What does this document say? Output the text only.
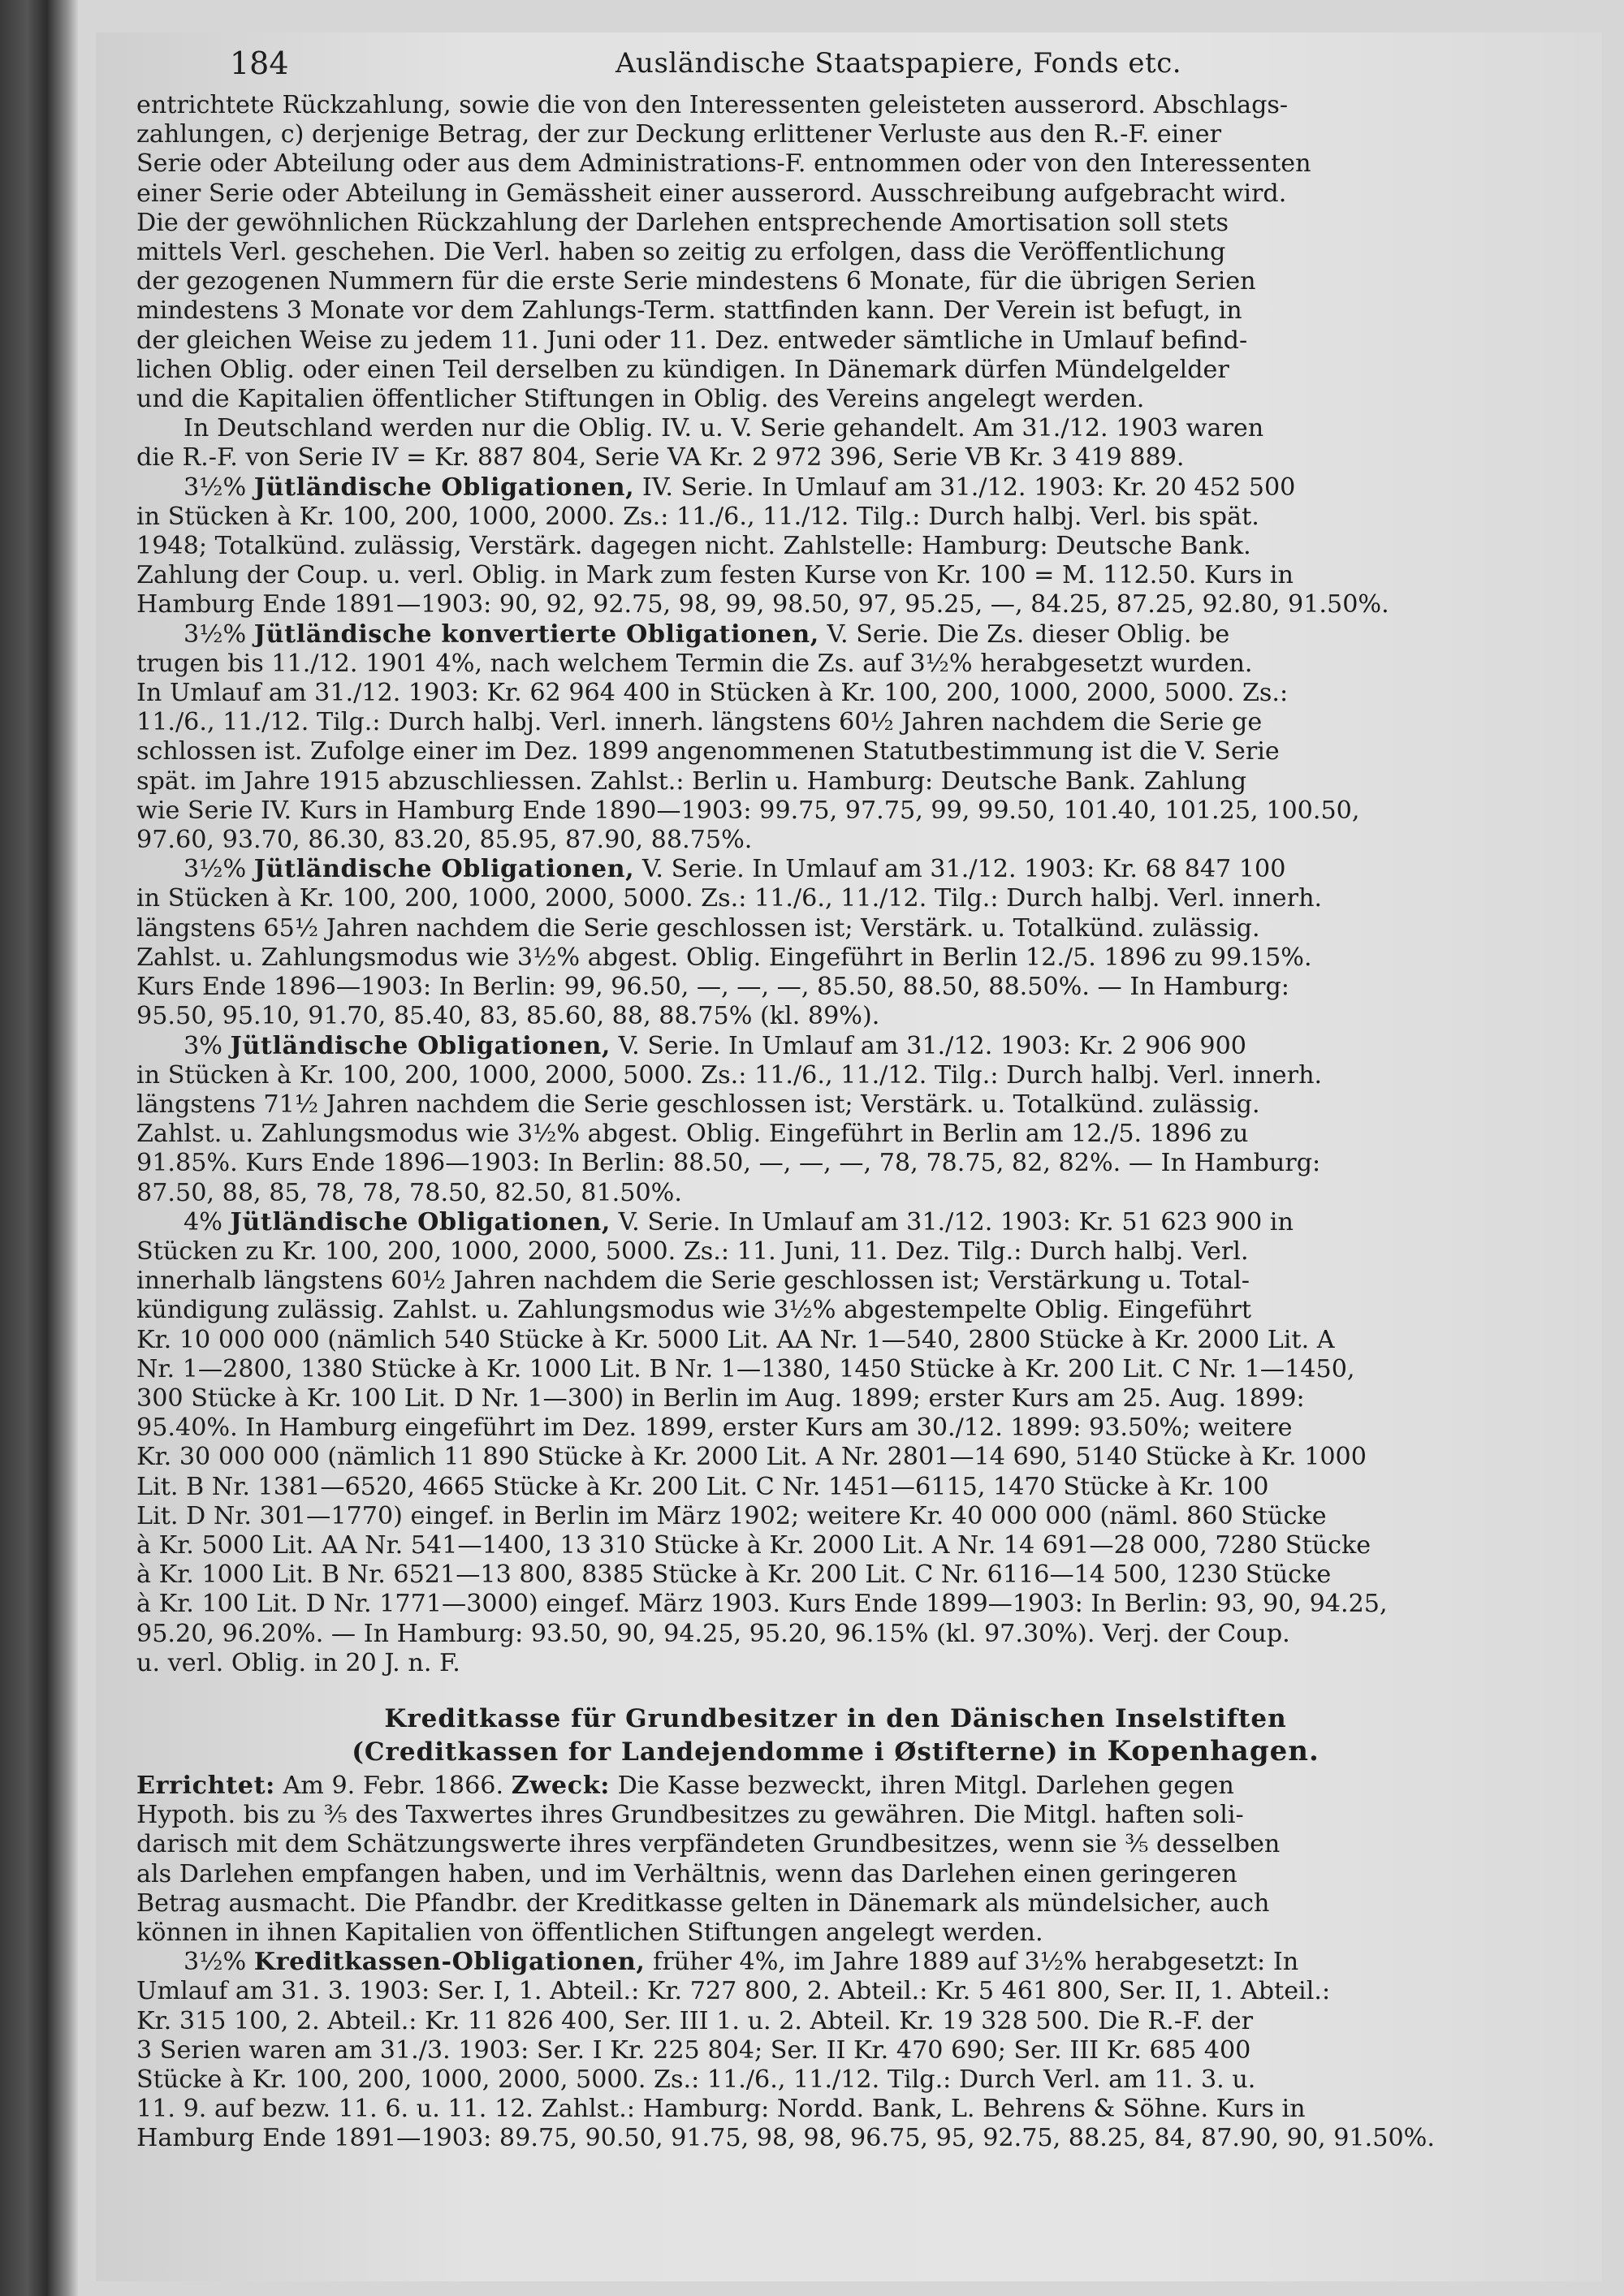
184	Ausländische Staatspapiere, Fonds etc.
entrichtete Rückzahlung, sowie die von den Interessenten geleisteten ausserord. Abschlags-
zahlungen, c) derjenige Betrag, der zur Deckung erlittener Verluste aus den R.-F. einer
Serie oder Abteilung oder aus dem Administrations-F. entnommen oder von den Interessenten
einer Serie oder Abteilung in Gemässheit einer ausserord. Ausschreibung aufgebracht wird.
Die der gewöhnlichen Rückzahlung der Darlehen entsprechende Amortisation soll stets
mittels Verl. geschehen. Die Verl. haben so zeitig zu erfolgen, dass die Veröffentlichung
der gezogenen Nummern für die erste Serie mindestens 6 Monate, für die übrigen Serien
mindestens 3 Monate vor dem Zahlungs-Term. stattfinden kann. Der Verein ist befugt, in
der gleichen Weise zu jedem 11. Juni oder 11. Dez. entweder sämtliche in Umlauf befind-
lichen Oblig. oder einen Teil derselben zu kündigen. In Dänemark dürfen Mündelgelder
und die Kapitalien öffentlicher Stiftungen in Oblig. des Vereins angelegt werden.
In Deutschland werden nur die Oblig. IV. u. V. Serie gehandelt. Am 31./12. 1903 waren
die R.-F. von Serie IV = Kr. 887 804, Serie VA Kr. 2 972 396, Serie VB Kr. 3 419 889.
3½% Jütländische Obligationen, IV. Serie. In Umlauf am 31./12. 1903: Kr. 20 452 500
in Stücken à Kr. 100, 200, 1000, 2000. Zs.: 11./6., 11./12. Tilg.: Durch halbj. Verl. bis spät.
1948; Totalkünd. zulässig, Verstärk. dagegen nicht. Zahlstelle: Hamburg: Deutsche Bank.
Zahlung der Coup. u. verl. Oblig. in Mark zum festen Kurse von Kr. 100 = M. 112.50. Kurs in
Hamburg Ende 1891—1903: 90, 92, 92.75, 98, 99, 98.50, 97, 95.25, —, 84.25, 87.25, 92.80, 91.50%.
3½% Jütländische konvertierte Obligationen, V. Serie. Die Zs. dieser Oblig. be
trugen bis 11./12. 1901 4%, nach welchem Termin die Zs. auf 3½% herabgesetzt wurden.
In Umlauf am 31./12. 1903: Kr. 62 964 400 in Stücken à Kr. 100, 200, 1000, 2000, 5000. Zs.:
11./6., 11./12. Tilg.: Durch halbj. Verl. innerh. längstens 60½ Jahren nachdem die Serie ge
schlossen ist. Zufolge einer im Dez. 1899 angenommenen Statutbestimmung ist die V. Serie
spät. im Jahre 1915 abzuschliessen. Zahlst.: Berlin u. Hamburg: Deutsche Bank. Zahlung
wie Serie IV. Kurs in Hamburg Ende 1890—1903: 99.75, 97.75, 99, 99.50, 101.40, 101.25, 100.50,
97.60, 93.70, 86.30, 83.20, 85.95, 87.90, 88.75%.
3½% Jütländische Obligationen, V. Serie. In Umlauf am 31./12. 1903: Kr. 68 847 100
in Stücken à Kr. 100, 200, 1000, 2000, 5000. Zs.: 11./6., 11./12. Tilg.: Durch halbj. Verl. innerh.
längstens 65½ Jahren nachdem die Serie geschlossen ist; Verstärk. u. Totalkünd. zulässig.
Zahlst. u. Zahlungsmodus wie 3½% abgest. Oblig. Eingeführt in Berlin 12./5. 1896 zu 99.15%.
Kurs Ende 1896—1903: In Berlin: 99, 96.50, —, —, —, 85.50, 88.50, 88.50%. — In Hamburg:
95.50, 95.10, 91.70, 85.40, 83, 85.60, 88, 88.75% (kl. 89%).
3% Jütländische Obligationen, V. Serie. In Umlauf am 31./12. 1903: Kr. 2 906 900
in Stücken à Kr. 100, 200, 1000, 2000, 5000. Zs.: 11./6., 11./12. Tilg.: Durch halbj. Verl. innerh.
längstens 71½ Jahren nachdem die Serie geschlossen ist; Verstärk. u. Totalkünd. zulässig.
Zahlst. u. Zahlungsmodus wie 3½% abgest. Oblig. Eingeführt in Berlin am 12./5. 1896 zu
91.85%. Kurs Ende 1896—1903: In Berlin: 88.50, —, —, —, 78, 78.75, 82, 82%. — In Hamburg:
87.50, 88, 85, 78, 78, 78.50, 82.50, 81.50%.
4% Jütländische Obligationen, V. Serie. In Umlauf am 31./12. 1903: Kr. 51 623 900 in
Stücken zu Kr. 100, 200, 1000, 2000, 5000. Zs.: 11. Juni, 11. Dez. Tilg.: Durch halbj. Verl.
innerhalb längstens 60½ Jahren nachdem die Serie geschlossen ist; Verstärkung u. Total-
kündigung zulässig. Zahlst. u. Zahlungsmodus wie 3½% abgestempelte Oblig. Eingeführt
Kr. 10 000 000 (nämlich 540 Stücke à Kr. 5000 Lit. AA Nr. 1—540, 2800 Stücke à Kr. 2000 Lit. A
Nr. 1—2800, 1380 Stücke à Kr. 1000 Lit. B Nr. 1—1380, 1450 Stücke à Kr. 200 Lit. C Nr. 1—1450,
300 Stücke à Kr. 100 Lit. D Nr. 1—300) in Berlin im Aug. 1899; erster Kurs am 25. Aug. 1899:
95.40%. In Hamburg eingeführt im Dez. 1899, erster Kurs am 30./12. 1899: 93.50%; weitere
Kr. 30 000 000 (nämlich 11 890 Stücke à Kr. 2000 Lit. A Nr. 2801—14 690, 5140 Stücke à Kr. 1000
Lit. B Nr. 1381—6520, 4665 Stücke à Kr. 200 Lit. C Nr. 1451—6115, 1470 Stücke à Kr. 100
Lit. D Nr. 301—1770) eingef. in Berlin im März 1902; weitere Kr. 40 000 000 (näml. 860 Stücke
à Kr. 5000 Lit. AA Nr. 541—1400, 13 310 Stücke à Kr. 2000 Lit. A Nr. 14 691—28 000, 7280 Stücke
à Kr. 1000 Lit. B Nr. 6521—13 800, 8385 Stücke à Kr. 200 Lit. C Nr. 6116—14 500, 1230 Stücke
à Kr. 100 Lit. D Nr. 1771—3000) eingef. März 1903. Kurs Ende 1899—1903: In Berlin: 93, 90, 94.25,
95.20, 96.20%. — In Hamburg: 93.50, 90, 94.25, 95.20, 96.15% (kl. 97.30%). Verj. der Coup.
u. verl. Oblig. in 20 J. n. F.
Kreditkasse für Grundbesitzer in den Dänischen Inselstiften
(Creditkassen for Landejendomme i Østifterne) in Kopenhagen.
Errichtet: Am 9. Febr. 1866. Zweck: Die Kasse bezweckt, ihren Mitgl. Darlehen gegen
Hypoth. bis zu ⅗ des Taxwertes ihres Grundbesitzes zu gewähren. Die Mitgl. haften soli-
darisch mit dem Schätzungswerte ihres verpfändeten Grundbesitzes, wenn sie ⅗ desselben
als Darlehen empfangen haben, und im Verhältnis, wenn das Darlehen einen geringeren
Betrag ausmacht. Die Pfandbr. der Kreditkasse gelten in Dänemark als mündelsicher, auch
können in ihnen Kapitalien von öffentlichen Stiftungen angelegt werden.
3½% Kreditkassen-Obligationen, früher 4%, im Jahre 1889 auf 3½% herabgesetzt: In
Umlauf am 31. 3. 1903: Ser. I, 1. Abteil.: Kr. 727 800, 2. Abteil.: Kr. 5 461 800, Ser. II, 1. Abteil.:
Kr. 315 100, 2. Abteil.: Kr. 11 826 400, Ser. III 1. u. 2. Abteil. Kr. 19 328 500. Die R.-F. der
3 Serien waren am 31./3. 1903: Ser. I Kr. 225 804; Ser. II Kr. 470 690; Ser. III Kr. 685 400
Stücke à Kr. 100, 200, 1000, 2000, 5000. Zs.: 11./6., 11./12. Tilg.: Durch Verl. am 11. 3. u.
11. 9. auf bezw. 11. 6. u. 11. 12. Zahlst.: Hamburg: Nordd. Bank, L. Behrens & Söhne. Kurs in
Hamburg Ende 1891—1903: 89.75, 90.50, 91.75, 98, 98, 96.75, 95, 92.75, 88.25, 84, 87.90, 90, 91.50%.
